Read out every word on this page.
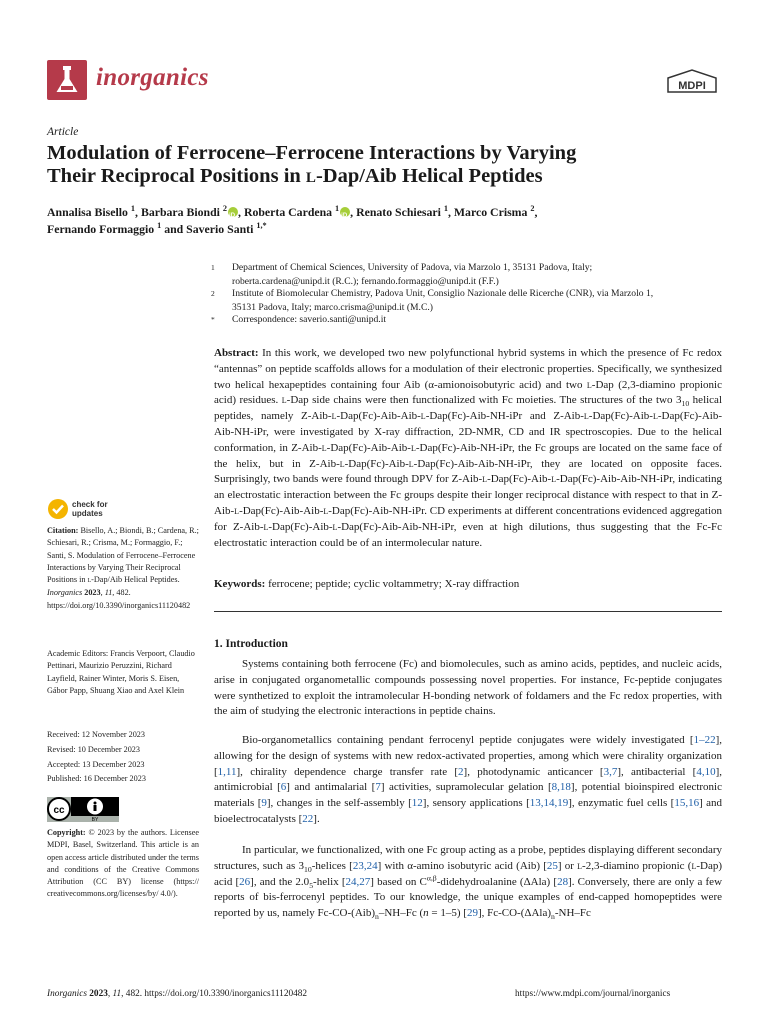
inorganics	MDPI
Article
Modulation of Ferrocene–Ferrocene Interactions by Varying
Their Reciprocal Positions in L-Dap/Aib Helical Peptides
Annalisa Bisello $^1$, Barbara Biondi $^2$ iD , Roberta Cardena $^1$ iD , Renato Schiesari $^1$, Marco Crisma $^2$,
Fernando Formaggio $^1$ and Saverio Santi $^{1,*}$
1 Department of Chemical Sciences, University of Padova, via Marzolo 1, 35131 Padova, Italy;
roberta.cardena@unipd.it (R.C.); fernando.formaggio@unipd.it (F.F.)
2 Institute of Biomolecular Chemistry, Padova Unit, Consiglio Nazionale delle Ricerche (CNR), via Marzolo 1,
35131 Padova, Italy; marco.crisma@unipd.it (M.C.)
* Correspondence: saverio.santi@unipd.it
Abstract: In this work, we developed two new polyfunctional hybrid systems in which the presence of Fc redox “antennas” on peptide scaffolds allows for a modulation of their electronic properties. Specifically, we synthesized two helical hexapeptides containing four Aib (α-amionoisobutyric acid) and two L-Dap (2,3-diamino propionic acid) residues. L-Dap side chains were then functionalized with Fc moieties. The structures of the two $3_{10}$ helical peptides, namely Z-Aib-L-Dap(Fc)-Aib-Aib-L-Dap(Fc)-Aib-NH-iPr and Z-Aib-L-Dap(Fc)-Aib-L-Dap(Fc)-Aib-Aib-NH-iPr, were investigated by X-ray diffraction, 2D-NMR, CD and IR spectroscopies. Due to the helical conformation, in Z-Aib-L-Dap(Fc)-Aib-Aib-L-Dap(Fc)-Aib-NH-iPr, the Fc groups are located on the same face of the helix, but in Z-Aib-L-Dap(Fc)-Aib-L-Dap(Fc)-Aib-Aib-NH-iPr, they are located on opposite faces. Surprisingly, two bands were found through DPV for Z-Aib-L-Dap(Fc)-Aib-L-Dap(Fc)-Aib-Aib-NH-iPr, indicating an electrostatic interaction between the Fc groups despite their longer reciprocal distance with respect to that in Z-Aib-L-Dap(Fc)-Aib-Aib-L-Dap(Fc)-Aib-NH-iPr. CD experiments at different concentrations evidenced aggregation for Z-Aib-L-Dap(Fc)-Aib-L-Dap(Fc)-Aib-Aib-NH-iPr, even at high dilutions, thus suggesting that the Fc-Fc electrostatic interaction could be of an intermolecular nature.
Keywords: ferrocene; peptide; cyclic voltammetry; X-ray diffraction
check for
updates
Citation: Bisello, A.; Biondi, B.; Cardena, R.; Schiesari, R.; Crisma, M.; Formaggio, F.; Santi, S. Modulation of Ferrocene–Ferrocene Interactions by Varying Their Reciprocal Positions in L-Dap/Aib Helical Peptides. Inorganics 2023, 11, 482. https://doi.org/10.3390/inorganics11120482
Academic Editors: Francis Verpoort, Claudio Pettinari, Maurizio Peruzzini, Richard Layfield, Rainer Winter, Moris S. Eisen, Gábor Papp, Shuang Xiao and Axel Klein
Received: 12 November 2023
Revised: 10 December 2023
Accepted: 13 December 2023
Published: 16 December 2023
cc
BY
Copyright: © 2023 by the authors. Licensee MDPI, Basel, Switzerland. This article is an open access article distributed under the terms and conditions of the Creative Commons Attribution (CC BY) license (https:// creativecommons.org/licenses/by/ 4.0/).
1. Introduction
Systems containing both ferrocene (Fc) and biomolecules, such as amino acids, peptides, and nucleic acids, arise in conjugated organometallic compounds possessing novel properties. For instance, Fc-peptide conjugates were synthetized to exploit the intramolecular H-bonding network of foldamers and the Fc redox properties, with the aim of studying the electronic interactions in peptide chains.
Bio-organometallics containing pendant ferrocenyl peptide conjugates were widely investigated [1–22], allowing for the design of systems with new redox-activated properties, among which were chirality organization [1,11], chirality dependence charge transfer rate [2], photodynamic anticancer [3,7], antibacterial [4,10], antimicrobial [6] and antimalarial [7] activities, supramolecular gelation [8,18], potential bioinspired electronic materials [9], changes in the self-assembly [12], sensory applications [13,14,19], enzymatic fuel cells [15,16] and bioelectrocatalysts [22].
In particular, we functionalized, with one Fc group acting as a probe, peptides displaying different secondary structures, such as $3_{10}$-helices [23,24] with α-amino isobutyric acid (Aib) [25] or L-2,3-diamino propionic (L-Dap) acid [26], and the $2.0_5$-helix [24,27] based on $C^{\alpha,\beta}$-didehydroalanine (ΔAla) [28]. Conversely, there are only a few reports of bis-ferrocenyl peptides. To our knowledge, the unique examples of end-capped homopeptides were reported by us, namely $Fc-CO-(Aib)_n-NH-Fc$ (n = 1–5) [29], $Fc-CO-(\Delta Ala)_n-NH-Fc$
Inorganics 2023, 11, 482. https://doi.org/10.3390/inorganics11120482	https://www.mdpi.com/journal/inorganics
